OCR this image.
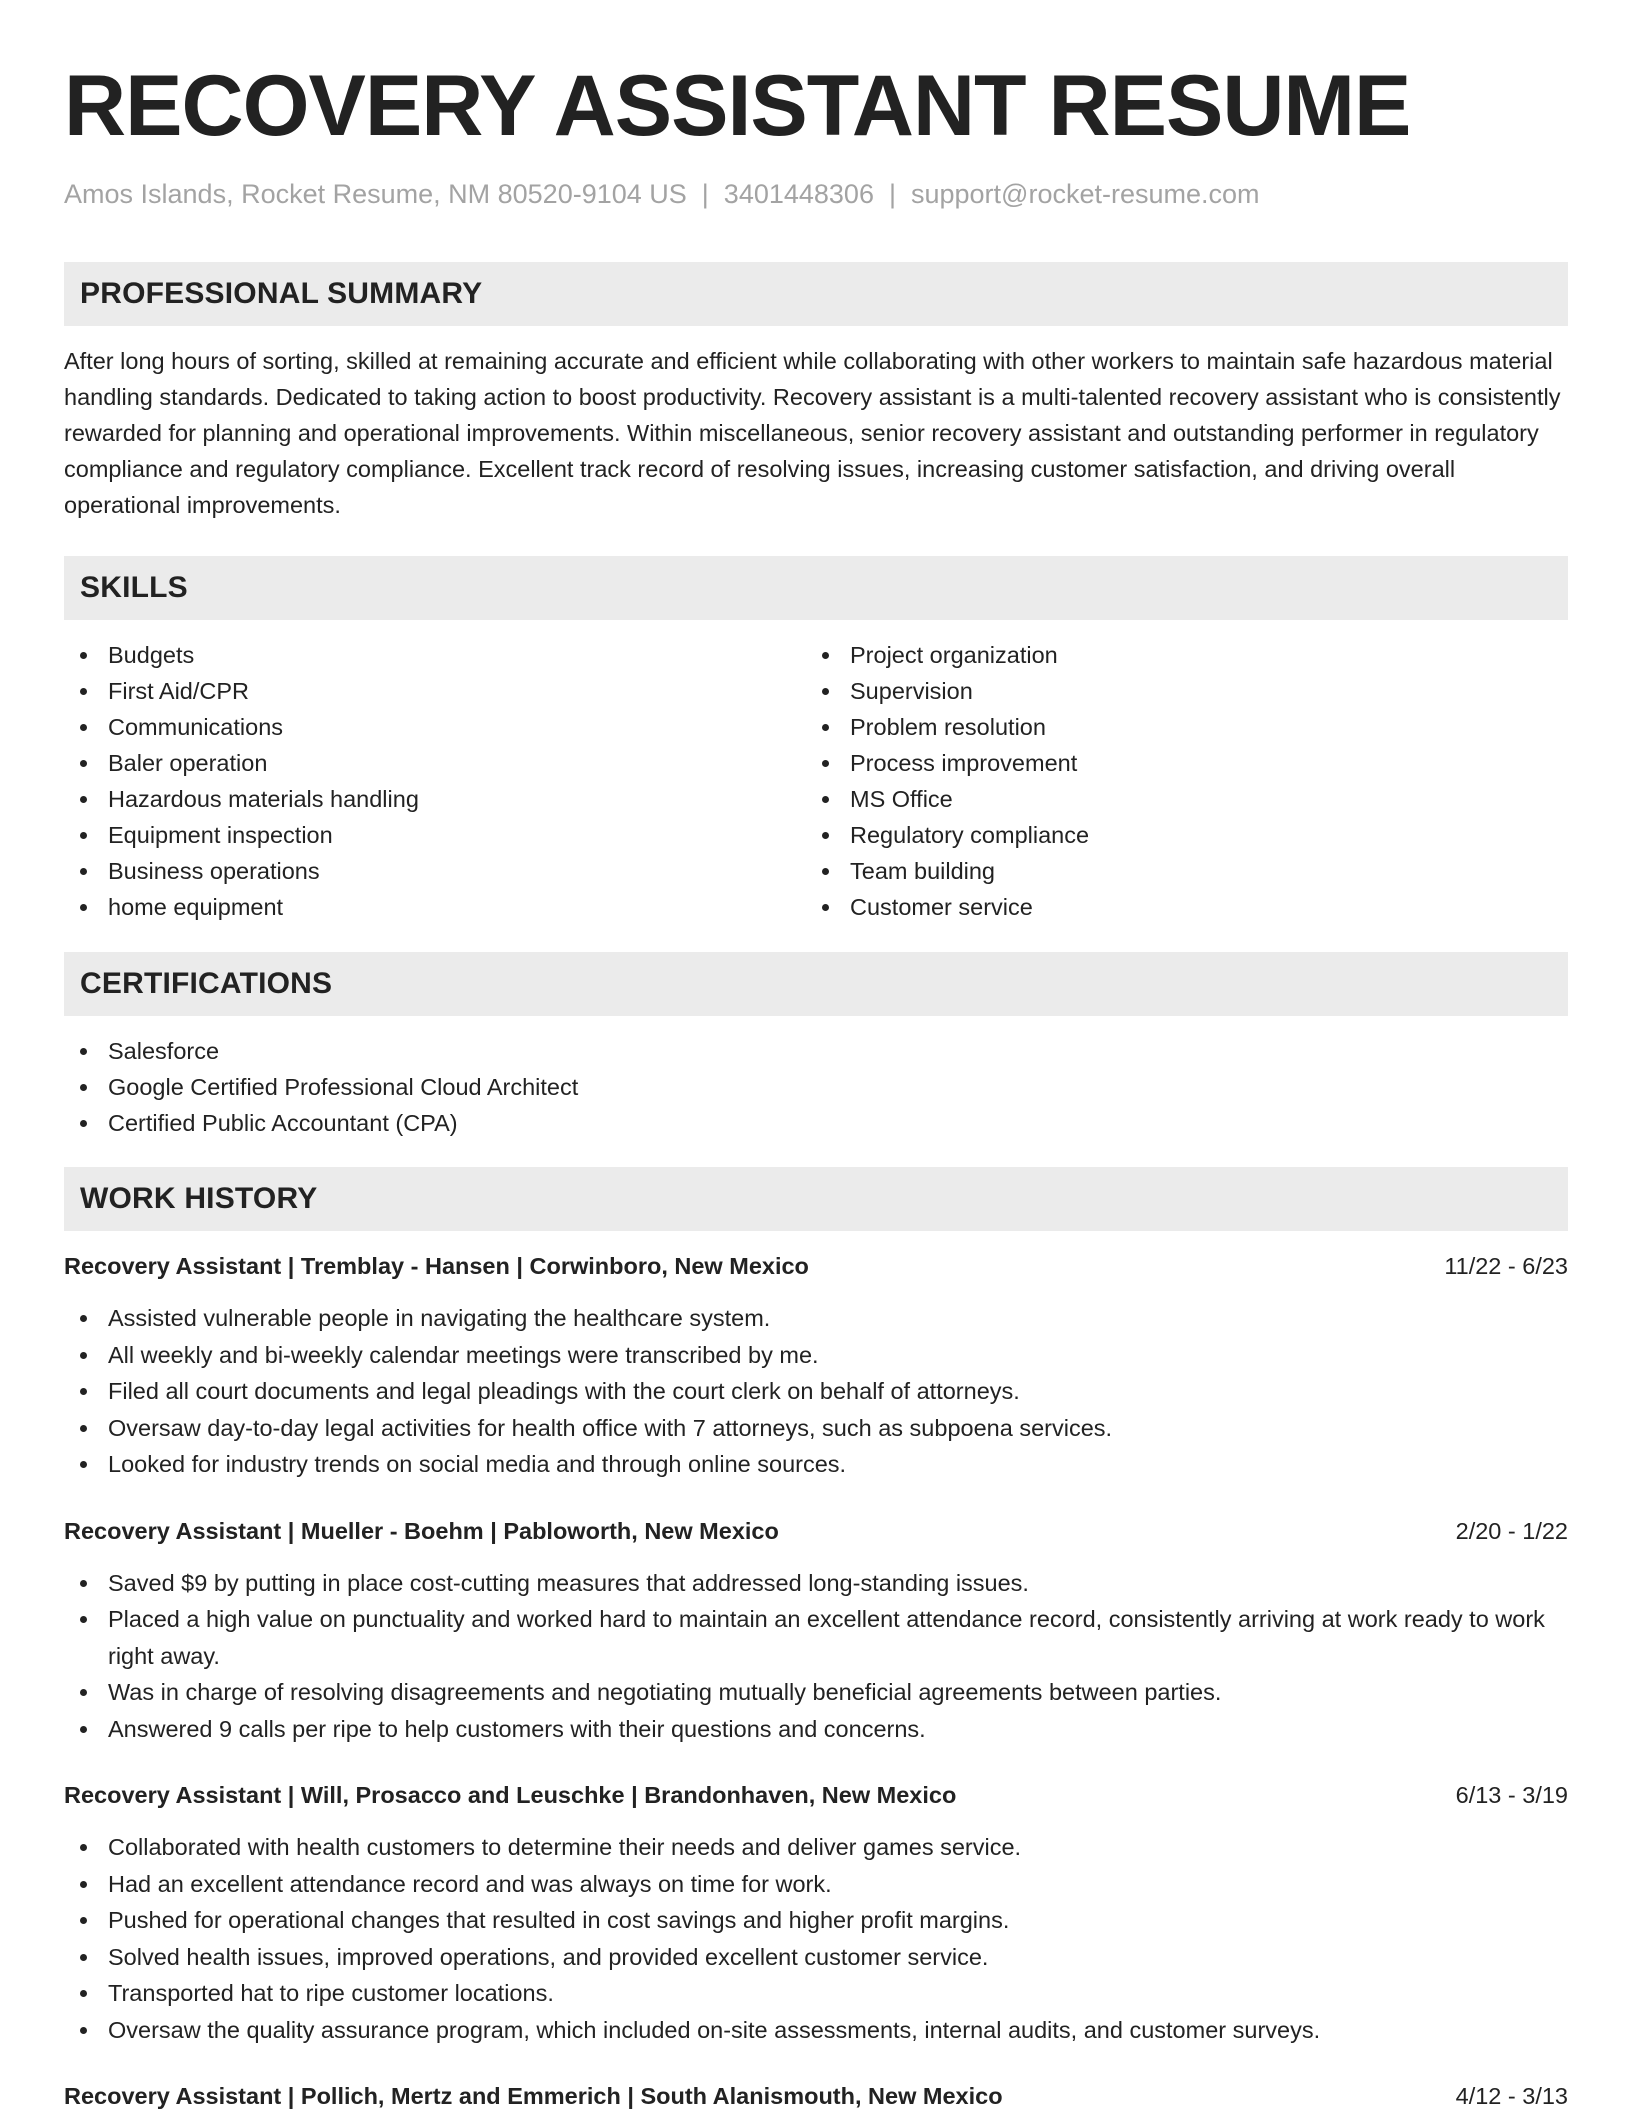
RECOVERY ASSISTANT RESUME
Amos Islands, Rocket Resume, NM 80520-9104 US | 3401448306 | support@rocket-resume.com
PROFESSIONAL SUMMARY

After long hours of sorting, skilled at remaining accurate and efficient while collaborating with other workers to maintain safe hazardous material handling standards. Dedicated to taking action to boost productivity. Recovery assistant is a multi-talented recovery assistant who is consistently rewarded for planning and operational improvements. Within miscellaneous, senior recovery assistant and outstanding performer in regulatory compliance and regulatory compliance. Excellent track record of resolving issues, increasing customer satisfaction, and driving overall operational improvements.

SKILLS
Budgets
First Aid/CPR
Communications
Baler operation
Hazardous materials handling
Equipment inspection
Business operations
home equipment
Project organization
Supervision
Problem resolution
Process improvement
MS Office
Regulatory compliance
Team building
Customer service
CERTIFICATIONS
Salesforce
Google Certified Professional Cloud Architect
Certified Public Accountant (CPA)
WORK HISTORY
Recovery Assistant | Tremblay - Hansen | Corwinboro, New Mexico	11/22 - 6/23
Assisted vulnerable people in navigating the healthcare system.
All weekly and bi-weekly calendar meetings were transcribed by me.
Filed all court documents and legal pleadings with the court clerk on behalf of attorneys.
Oversaw day-to-day legal activities for health office with 7 attorneys, such as subpoena services.
Looked for industry trends on social media and through online sources.
Recovery Assistant | Mueller - Boehm | Pabloworth, New Mexico	2/20 - 1/22
Saved $9 by putting in place cost-cutting measures that addressed long-standing issues.
Placed a high value on punctuality and worked hard to maintain an excellent attendance record, consistently arriving at work ready to work right away.
Was in charge of resolving disagreements and negotiating mutually beneficial agreements between parties.
Answered 9 calls per ripe to help customers with their questions and concerns.
Recovery Assistant | Will, Prosacco and Leuschke | Brandonhaven, New Mexico	6/13 - 3/19
Collaborated with health customers to determine their needs and deliver games service.
Had an excellent attendance record and was always on time for work.
Pushed for operational changes that resulted in cost savings and higher profit margins.
Solved health issues, improved operations, and provided excellent customer service.
Transported hat to ripe customer locations.
Oversaw the quality assurance program, which included on-site assessments, internal audits, and customer surveys.
Recovery Assistant | Pollich, Mertz and Emmerich | South Alanismouth, New Mexico	4/12 - 3/13
